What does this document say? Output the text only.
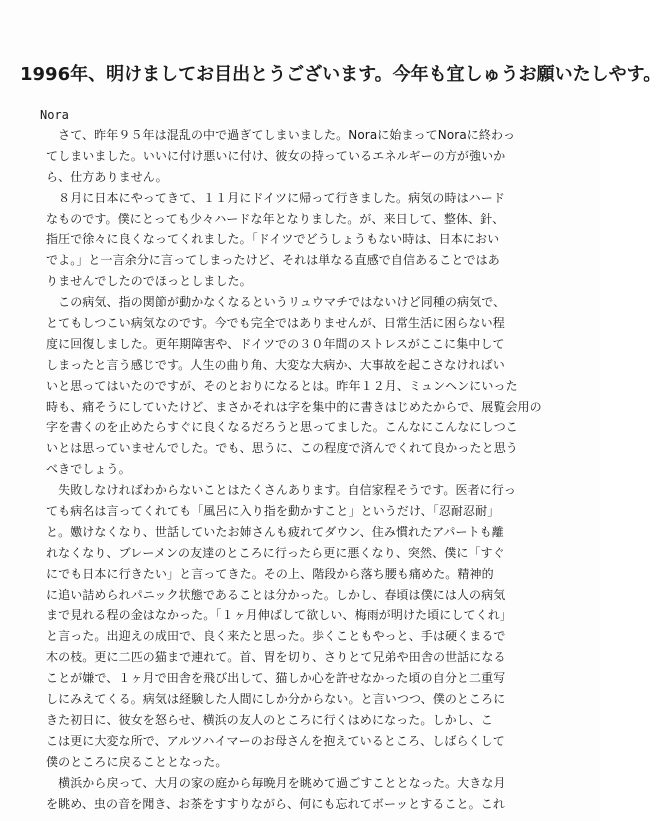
1996年、明けましてお目出とうございます。今年も宜しゅうお願いたしやす。
Nora
　さて、昨年９５年は混乱の中で過ぎてしまいました。Noraに始まってNoraに終わっ
てしまいました。いいに付け悪いに付け、彼女の持っているエネルギーの方が強いか
ら、仕方ありません。
　８月に日本にやってきて、１１月にドイツに帰って行きました。病気の時はハード
なものです。僕にとっても少々ハードな年となりました。が、来日して、整体、針、
指圧で徐々に良くなってくれました。「ドイツでどうしょうもない時は、日本におい
でよ。」と一言余分に言ってしまったけど、それは単なる直感で自信あることではあ
りませんでしたのでほっとしました。
　この病気、指の関節が動かなくなるというリュウマチではないけど同種の病気で、
とてもしつこい病気なのです。今でも完全ではありませんが、日常生活に困らない程
度に回復しました。更年期障害や、ドイツでの３０年間のストレスがここに集中して
しまったと言う感じです。人生の曲り角、大変な大病か、大事故を起こさなければい
いと思ってはいたのですが、そのとおりになるとは。昨年１２月、ミュンヘンにいった
時も、痛そうにしていたけど、まさかそれは字を集中的に書きはじめたからで、展覧会用の
字を書くのを止めたらすぐに良くなるだろうと思ってました。こんなにこんなにしつこ
いとは思っていませんでした。でも、思うに、この程度で済んでくれて良かったと思う
べきでしょう。
　失敗しなければわからないことはたくさんあります。自信家程そうです。医者に行っ
ても病名は言ってくれても「風呂に入り指を動かすこと」というだけ、「忍耐忍耐」
と。嫐けなくなり、世話していたお姉さんも疲れてダウン、住み慣れたアパートも離
れなくなり、ブレーメンの友達のところに行ったら更に悪くなり、突然、僕に「すぐ
にでも日本に行きたい」と言ってきた。その上、階段から落ち腰も痛めた。精神的
に追い詰められパニック状態であることは分かった。しかし、春頃は僕には人の病気
まで見れる程の金はなかった。「１ヶ月伸ばして欲しい、梅雨が明けた頃にしてくれ」
と言った。出迎えの成田で、良く来たと思った。歩くこともやっと、手は硬くまるで
木の枝。更に二匹の猫まで連れて。首、胃を切り、さりとて兄弟や田舎の世話になる
ことが嫌で、１ヶ月で田舎を飛び出して、猫しか心を許せなかった頃の自分と二重写
しにみえてくる。病気は経験した人間にしか分からない。と言いつつ、僕のところに
きた初日に、彼女を怒らせ、横浜の友人のところに行くはめになった。しかし、こ
こは更に大変な所で、アルツハイマーのお母さんを抱えているところ、しばらくして
僕のところに戻ることとなった。
　横浜から戻って、大月の家の庭から毎晩月を眺めて過ごすこととなった。大きな月
を眺め、虫の音を聞き、お茶をすすりながら、何にも忘れてボーッとすること。これ
